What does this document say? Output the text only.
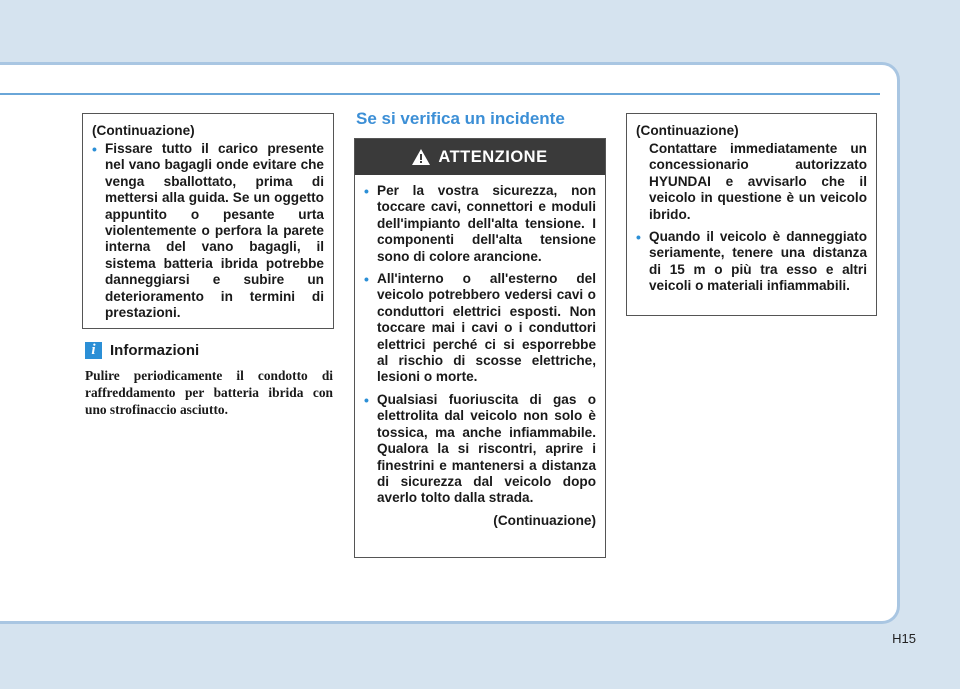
(Continuazione)
• Fissare tutto il carico presente nel vano bagagli onde evitare che venga sballottato, prima di mettersi alla guida. Se un oggetto appuntito o pesante urta violentemente o perfora la parete interna del vano bagagli, il sistema batteria ibrida potrebbe danneggiarsi e subire un deterioramento in termini di prestazioni.
i Informazioni
Pulire periodicamente il condotto di raffreddamento per batteria ibrida con uno strofinaccio asciutto.
Se si verifica un incidente
ATTENZIONE
• Per la vostra sicurezza, non toccare cavi, connettori e moduli dell'impianto dell'alta tensione. I componenti dell'alta tensione sono di colore arancione.
• All'interno o all'esterno del veicolo potrebbero vedersi cavi o conduttori elettrici esposti. Non toccare mai i cavi o i conduttori elettrici perché ci si esporrebbe al rischio di scosse elettriche, lesioni o morte.
• Qualsiasi fuoriuscita di gas o elettrolita dal veicolo non solo è tossica, ma anche infiammabile. Qualora la si riscontri, aprire i finestrini e mantenersi a distanza di sicurezza dal veicolo dopo averlo tolto dalla strada.
(Continuazione)
(Continuazione)

Contattare immediatamente un concessionario autorizzato HYUNDAI e avvisarlo che il veicolo in questione è un veicolo ibrido.

• Quando il veicolo è danneggiato seriamente, tenere una distanza di 15 m o più tra esso e altri veicoli o materiali infiammabili.
H15
